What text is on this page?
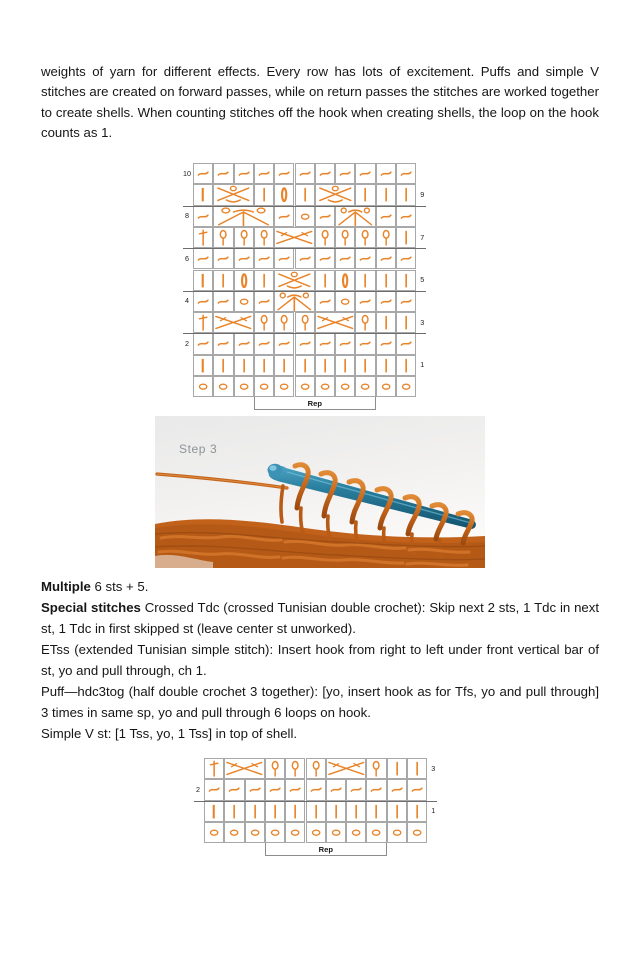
weights of yarn for different effects. Every row has lots of excitement. Puffs and simple V stitches are created on forward passes, while on return passes the stitches are worked together to create shells. When counting stitches off the hook when creating shells, the loop on the hook counts as 1.

10
9
8
7
6
5
4
3
2
1
Rep
Step 3

Multiple 6 sts + 5.

Special stitches Crossed Tdc (crossed Tunisian double crochet): Skip next 2 sts, 1 Tdc in next st, 1 Tdc in first skipped st (leave center st unworked).

ETss (extended Tunisian simple stitch): Insert hook from right to left under front vertical bar of st, yo and pull through, ch 1.

Puff—hdc3tog (half double crochet 3 together): [yo, insert hook as for Tfs, yo and pull through] 3 times in same sp, yo and pull through 6 loops on hook.

Simple V st: [1 Tss, yo, 1 Tss] in top of shell.

3
2
1
Rep
